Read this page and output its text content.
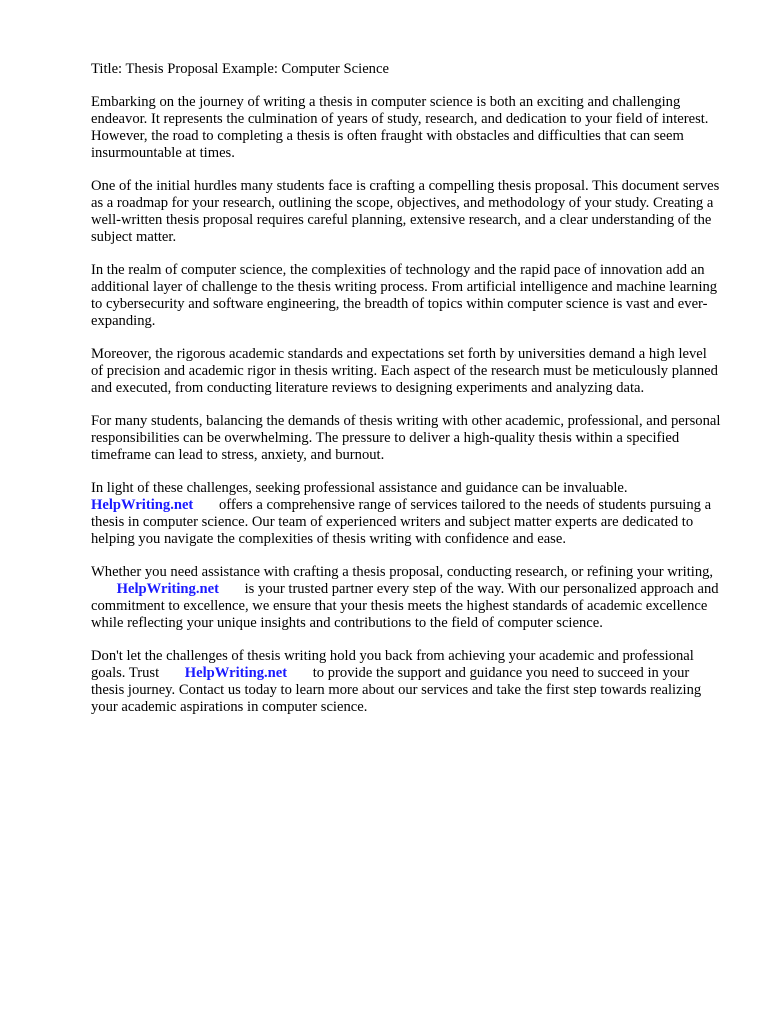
Title: Thesis Proposal Example: Computer Science

Embarking on the journey of writing a thesis in computer science is both an exciting and challenging endeavor. It represents the culmination of years of study, research, and dedication to your field of interest. However, the road to completing a thesis is often fraught with obstacles and difficulties that can seem insurmountable at times.

One of the initial hurdles many students face is crafting a compelling thesis proposal. This document serves as a roadmap for your research, outlining the scope, objectives, and methodology of your study. Creating a well-written thesis proposal requires careful planning, extensive research, and a clear understanding of the subject matter.

In the realm of computer science, the complexities of technology and the rapid pace of innovation add an additional layer of challenge to the thesis writing process. From artificial intelligence and machine learning to cybersecurity and software engineering, the breadth of topics within computer science is vast and ever-expanding.

Moreover, the rigorous academic standards and expectations set forth by universities demand a high level of precision and academic rigor in thesis writing. Each aspect of the research must be meticulously planned and executed, from conducting literature reviews to designing experiments and analyzing data.

For many students, balancing the demands of thesis writing with other academic, professional, and personal responsibilities can be overwhelming. The pressure to deliver a high-quality thesis within a specified timeframe can lead to stress, anxiety, and burnout.

In light of these challenges, seeking professional assistance and guidance can be invaluable.
HelpWriting.net offers a comprehensive range of services tailored to the needs of students pursuing a thesis in computer science. Our team of experienced writers and subject matter experts are dedicated to helping you navigate the complexities of thesis writing with confidence and ease.

Whether you need assistance with crafting a thesis proposal, conducting research, or refining your writing, HelpWriting.net is your trusted partner every step of the way. With our personalized approach and commitment to excellence, we ensure that your thesis meets the highest standards of academic excellence while reflecting your unique insights and contributions to the field of computer science.

Don't let the challenges of thesis writing hold you back from achieving your academic and professional goals. Trust HelpWriting.net to provide the support and guidance you need to succeed in your thesis journey. Contact us today to learn more about our services and take the first step towards realizing your academic aspirations in computer science.
